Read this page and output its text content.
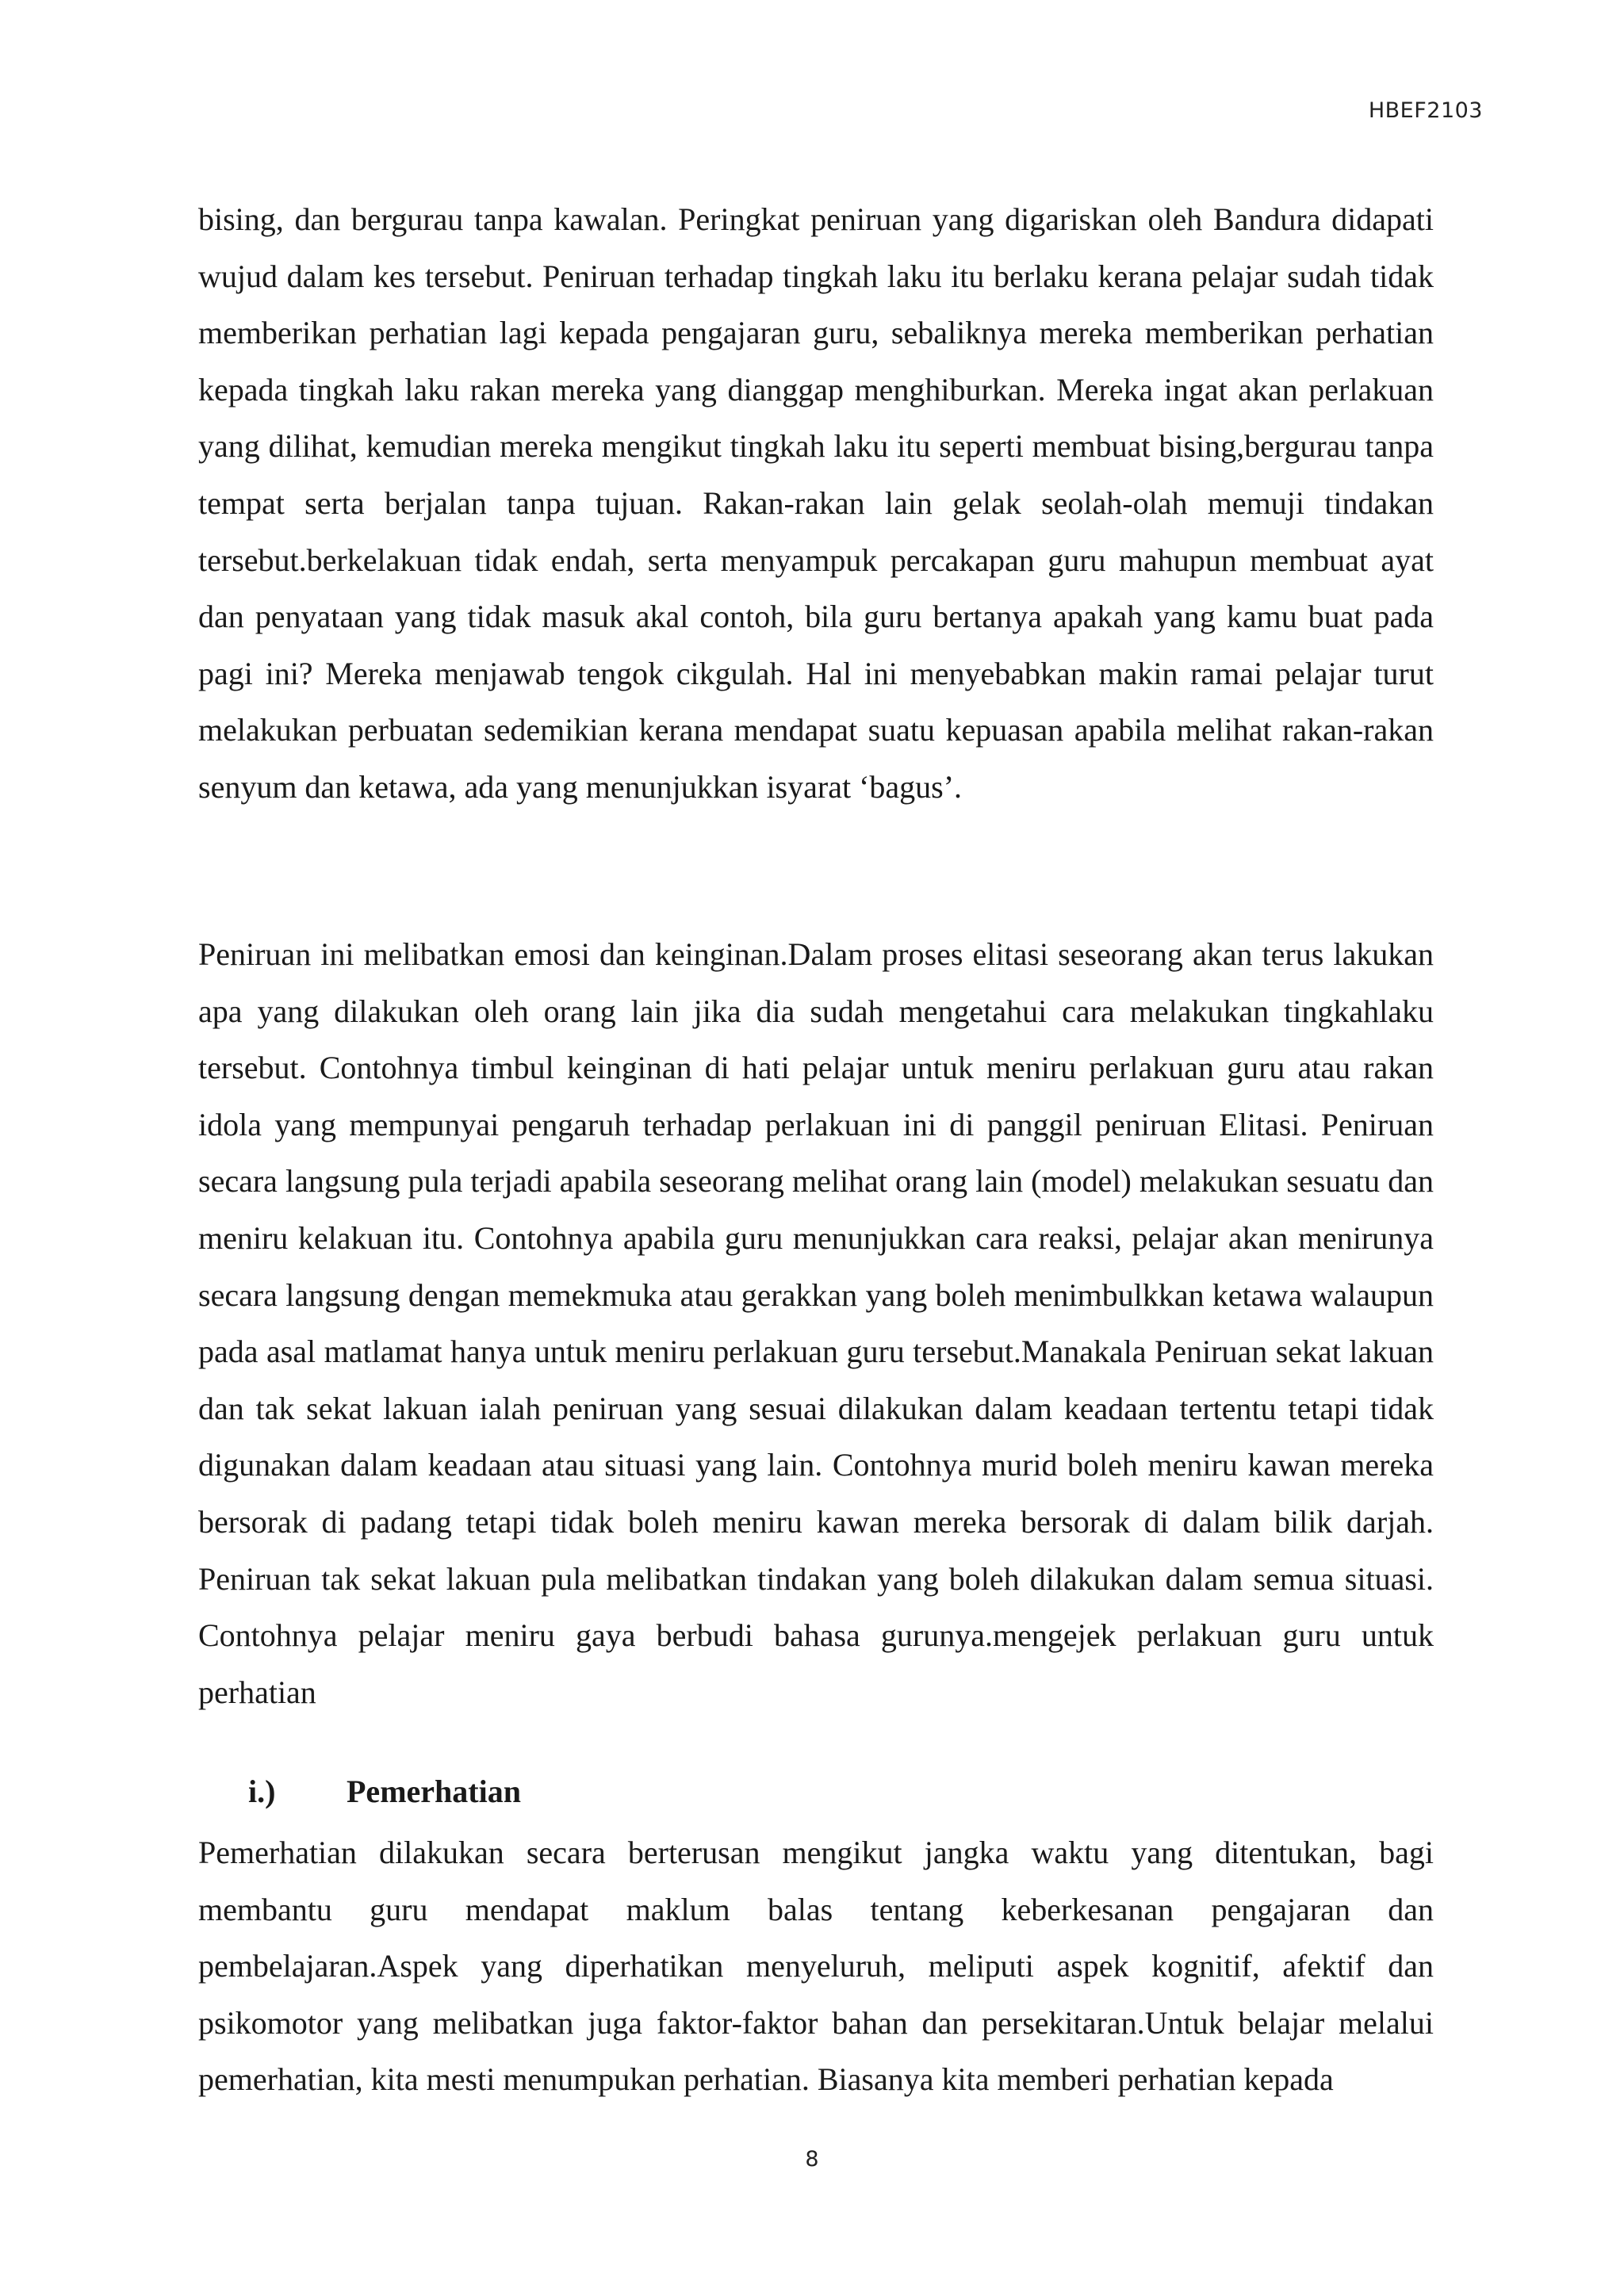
HBEF2103
bising, dan bergurau tanpa kawalan. Peringkat peniruan yang digariskan oleh Bandura didapati wujud dalam kes tersebut. Peniruan terhadap tingkah laku itu berlaku kerana pelajar sudah tidak memberikan perhatian lagi kepada pengajaran guru, sebaliknya mereka memberikan perhatian kepada tingkah laku rakan mereka yang dianggap menghiburkan. Mereka ingat akan perlakuan yang dilihat, kemudian mereka mengikut tingkah laku itu seperti membuat bising,bergurau tanpa tempat serta berjalan tanpa tujuan. Rakan-rakan lain gelak seolah-olah memuji tindakan tersebut.berkelakuan tidak endah, serta menyampuk percakapan guru mahupun membuat ayat dan penyataan yang tidak masuk akal contoh, bila guru bertanya apakah yang kamu buat pada pagi ini? Mereka menjawab tengok cikgulah. Hal ini menyebabkan makin ramai pelajar turut melakukan perbuatan sedemikian kerana mendapat suatu kepuasan apabila melihat rakan-rakan senyum dan ketawa, ada yang menunjukkan isyarat ‘bagus’.
Peniruan ini melibatkan emosi dan keinginan.Dalam proses elitasi seseorang akan terus lakukan apa yang dilakukan oleh orang lain jika dia sudah mengetahui cara melakukan tingkahlaku tersebut. Contohnya timbul keinginan di hati pelajar untuk meniru perlakuan guru atau rakan idola yang mempunyai pengaruh terhadap perlakuan ini di panggil peniruan Elitasi. Peniruan secara langsung pula terjadi apabila seseorang melihat orang lain (model) melakukan sesuatu dan meniru kelakuan itu. Contohnya apabila guru menunjukkan cara reaksi, pelajar akan menirunya secara langsung dengan memekmuka atau gerakkan yang boleh menimbulkkan ketawa walaupun pada asal matlamat hanya untuk meniru perlakuan guru tersebut.Manakala Peniruan sekat lakuan dan tak sekat lakuan ialah peniruan yang sesuai dilakukan dalam keadaan tertentu tetapi tidak digunakan dalam keadaan atau situasi yang lain. Contohnya murid boleh meniru kawan mereka bersorak di padang tetapi tidak boleh meniru kawan mereka bersorak di dalam bilik darjah. Peniruan tak sekat lakuan pula melibatkan tindakan yang boleh dilakukan dalam semua situasi. Contohnya pelajar meniru gaya berbudi bahasa gurunya.mengejek perlakuan guru untuk perhatian
i.)	Pemerhatian
Pemerhatian dilakukan secara berterusan mengikut jangka waktu yang ditentukan, bagi membantu guru mendapat maklum balas tentang keberkesanan pengajaran dan pembelajaran.Aspek yang diperhatikan menyeluruh, meliputi aspek kognitif, afektif dan psikomotor yang melibatkan juga faktor-faktor bahan dan persekitaran.Untuk belajar melalui pemerhatian, kita mesti menumpukan perhatian. Biasanya kita memberi perhatian kepada
8
